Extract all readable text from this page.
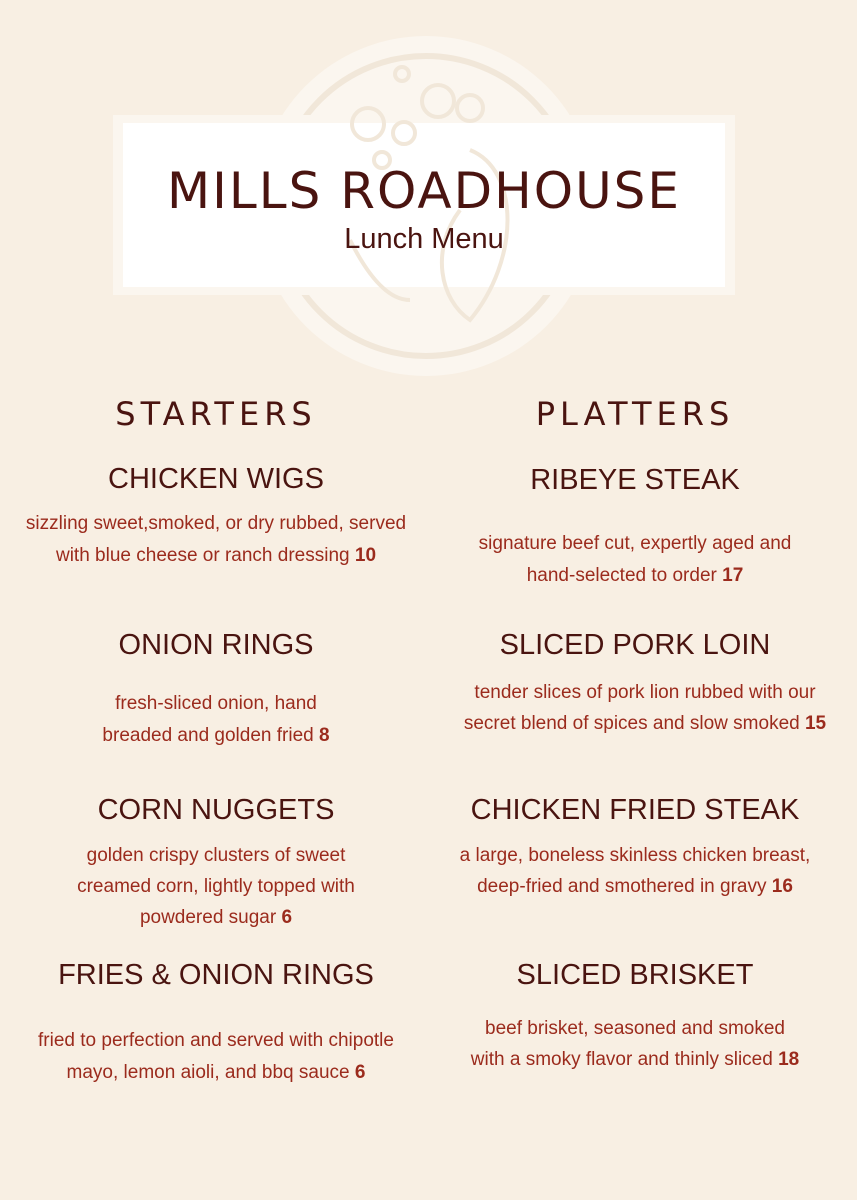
MILLS ROADHOUSE
Lunch Menu
STARTERS
CHICKEN WIGS
sizzling sweet,smoked, or dry rubbed, served with blue cheese or ranch dressing 10
ONION RINGS
fresh-sliced onion, hand breaded and golden fried 8
CORN NUGGETS
golden crispy clusters of sweet creamed corn, lightly topped with powdered sugar 6
FRIES & ONION RINGS
fried to perfection and served with chipotle mayo, lemon aioli, and bbq sauce 6
PLATTERS
RIBEYE STEAK
signature beef cut, expertly aged and hand-selected to order 17
SLICED PORK LOIN
tender slices of pork lion rubbed with our secret blend of spices and slow smoked 15
CHICKEN FRIED STEAK
a large, boneless skinless chicken breast, deep-fried and smothered in gravy 16
SLICED BRISKET
beef brisket, seasoned and smoked with a smoky flavor and thinly sliced 18
